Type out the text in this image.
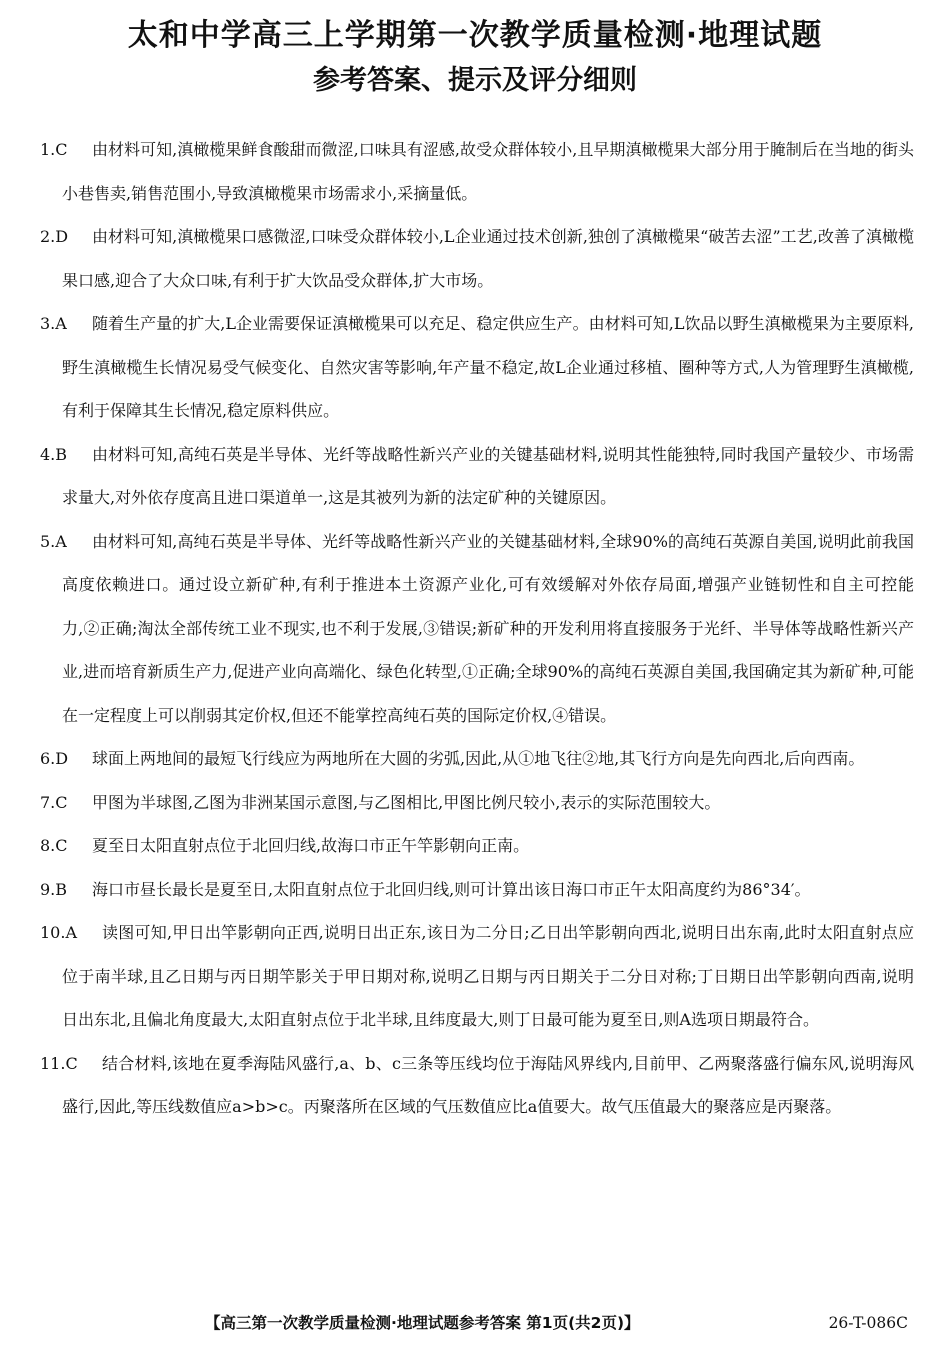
太和中学高三上学期第一次教学质量检测·地理试题
参考答案、提示及评分细则
1.C	由材料可知,滇橄榄果鲜食酸甜而微涩,口味具有涩感,故受众群体较小,且早期滇橄榄果大部分用于腌制后在当地的街头小巷售卖,销售范围小,导致滇橄榄果市场需求小,采摘量低。

2.D	由材料可知,滇橄榄果口感微涩,口味受众群体较小,L企业通过技术创新,独创了滇橄榄果“破苦去涩”工艺,改善了滇橄榄果口感,迎合了大众口味,有利于扩大饮品受众群体,扩大市场。

3.A	随着生产量的扩大,L企业需要保证滇橄榄果可以充足、稳定供应生产。由材料可知,L饮品以野生滇橄榄果为主要原料,野生滇橄榄生长情况易受气候变化、自然灾害等影响,年产量不稳定,故L企业通过移植、圈种等方式,人为管理野生滇橄榄,有利于保障其生长情况,稳定原料供应。

4.B	由材料可知,高纯石英是半导体、光纤等战略性新兴产业的关键基础材料,说明其性能独特,同时我国产量较少、市场需求量大,对外依存度高且进口渠道单一,这是其被列为新的法定矿种的关键原因。

5.A	由材料可知,高纯石英是半导体、光纤等战略性新兴产业的关键基础材料,全球90%的高纯石英源自美国,说明此前我国高度依赖进口。通过设立新矿种,有利于推进本土资源产业化,可有效缓解对外依存局面,增强产业链韧性和自主可控能力,②正确;淘汰全部传统工业不现实,也不利于发展,③错误;新矿种的开发利用将直接服务于光纤、半导体等战略性新兴产业,进而培育新质生产力,促进产业向高端化、绿色化转型,①正确;全球90%的高纯石英源自美国,我国确定其为新矿种,可能在一定程度上可以削弱其定价权,但还不能掌控高纯石英的国际定价权,④错误。

6.D	球面上两地间的最短飞行线应为两地所在大圆的劣弧,因此,从①地飞往②地,其飞行方向是先向西北,后向西南。

7.C	甲图为半球图,乙图为非洲某国示意图,与乙图相比,甲图比例尺较小,表示的实际范围较大。

8.C	夏至日太阳直射点位于北回归线,故海口市正午竿影朝向正南。

9.B	海口市昼长最长是夏至日,太阳直射点位于北回归线,则可计算出该日海口市正午太阳高度约为86°34′。

10.A	读图可知,甲日出竿影朝向正西,说明日出正东,该日为二分日;乙日出竿影朝向西北,说明日出东南,此时太阳直射点应位于南半球,且乙日期与丙日期竿影关于甲日期对称,说明乙日期与丙日期关于二分日对称;丁日期日出竿影朝向西南,说明日出东北,且偏北角度最大,太阳直射点位于北半球,且纬度最大,则丁日最可能为夏至日,则A选项日期最符合。

11.C	结合材料,该地在夏季海陆风盛行,a、b、c三条等压线均位于海陆风界线内,目前甲、乙两聚落盛行偏东风,说明海风盛行,因此,等压线数值应a>b>c。丙聚落所在区域的气压数值应比a值要大。故气压值最大的聚落应是丙聚落。

【高三第一次教学质量检测·地理试题参考答案 第1页(共2页)】	26-T-086C
